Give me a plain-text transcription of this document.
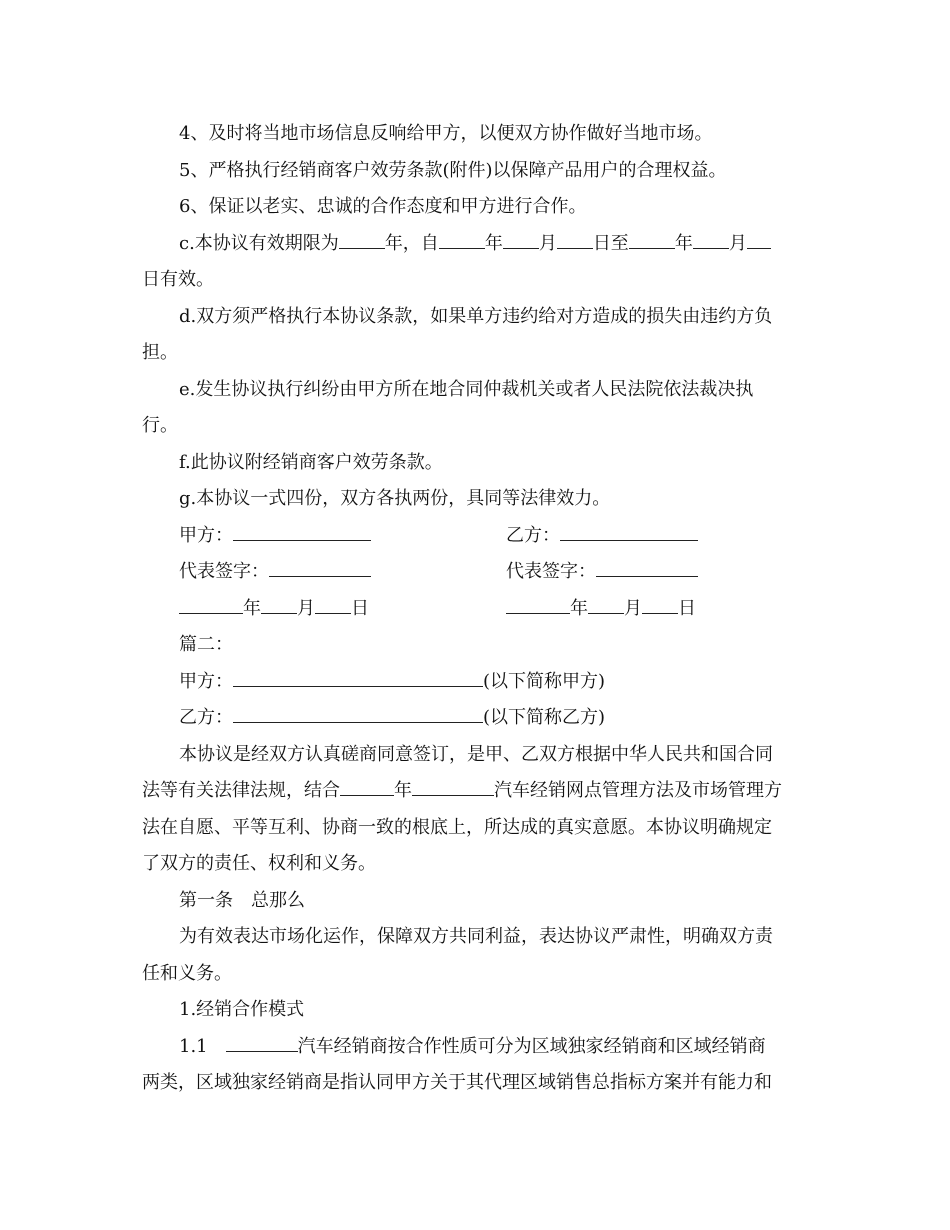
4、及时将当地市场信息反响给甲方，以便双方协作做好当地市场。

5、严格执行经销商客户效劳条款(附件)以保障产品用户的合理权益。

6、保证以老实、忠诚的合作态度和甲方进行合作。

c.本协议有效期限为	年，自	年 月 日至	年 月

日有效。

d.双方须严格执行本协议条款，如果单方违约给对方造成的损失由违约方负

担。

e.发生协议执行纠纷由甲方所在地合同仲裁机关或者人民法院依法裁决执

行。

f.此协议附经销商客户效劳条款。

g.本协议一式四份，双方各执两份，具同等法律效力。

甲方：	乙方：
代表签字：	代表签字：
年 月 日	年 月 日

篇二：

甲方：	(以下简称甲方)

乙方：	(以下简称乙方)

本协议是经双方认真磋商同意签订，是甲、乙双方根据中华人民共和国合同

法等有关法律法规，结合	年	汽车经销网点管理方法及市场管理方

法在自愿、平等互利、协商一致的根底上，所达成的真实意愿。本协议明确规定

了双方的责任、权利和义务。

第一条　总那么

为有效表达市场化运作，保障双方共同利益，表达协议严肃性，明确双方责

任和义务。

1.经销合作模式

1.1　	汽车经销商按合作性质可分为区域独家经销商和区域经销商

两类，区域独家经销商是指认同甲方关于其代理区域销售总指标方案并有能力和
